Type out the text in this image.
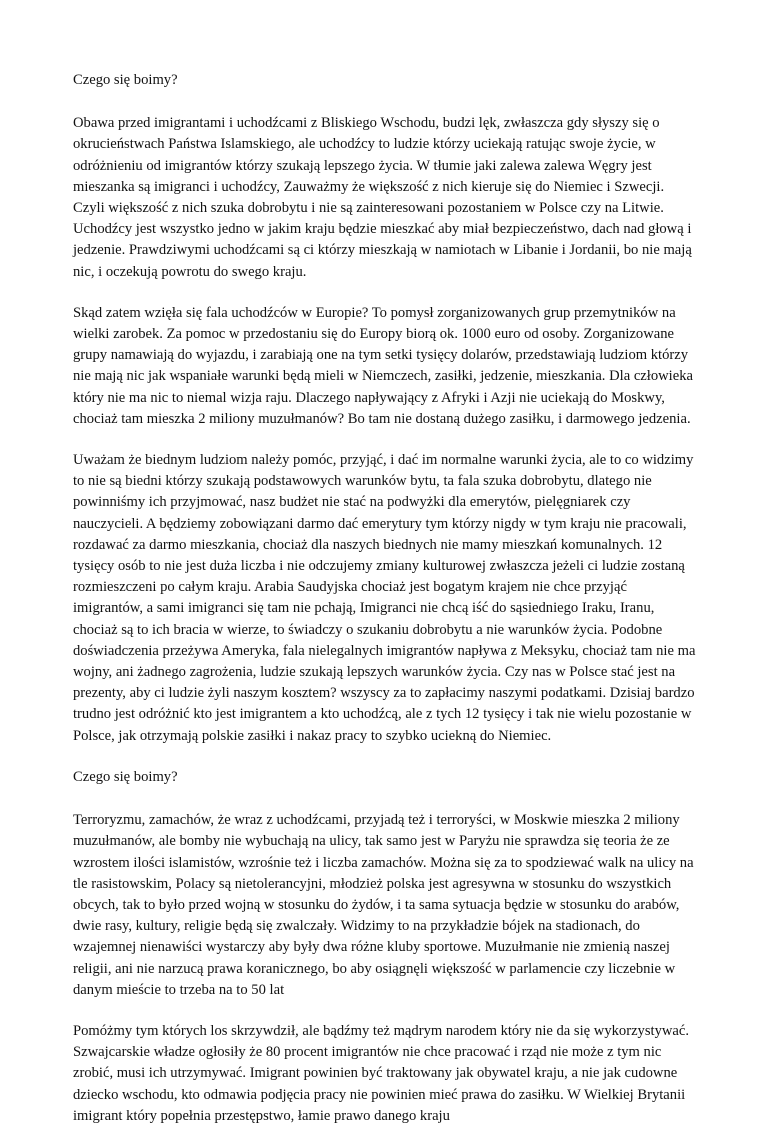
Czego się boimy?

Obawa przed imigrantami i uchodźcami z Bliskiego Wschodu, budzi lęk, zwłaszcza gdy słyszy się o okrucieństwach Państwa Islamskiego, ale uchodźcy to ludzie którzy uciekają ratując swoje życie, w odróżnieniu od imigrantów którzy szukają lepszego życia. W tłumie jaki zalewa zalewa Węgry jest mieszanka są imigranci i uchodźcy, Zauważmy że większość z nich kieruje się do Niemiec i Szwecji. Czyli większość z nich szuka dobrobytu i nie są zainteresowani pozostaniem w Polsce czy na Litwie. Uchodźcy jest wszystko jedno w jakim kraju będzie mieszkać aby miał bezpieczeństwo, dach nad głową i jedzenie. Prawdziwymi uchodźcami są ci którzy mieszkają w namiotach w Libanie i Jordanii, bo nie mają nic, i oczekują powrotu do swego kraju.

Skąd zatem wzięła się fala uchodźców w Europie? To pomysł zorganizowanych grup przemytników na wielki zarobek. Za pomoc w przedostaniu się do Europy biorą ok. 1000 euro od osoby. Zorganizowane grupy namawiają do wyjazdu, i zarabiają one na tym setki tysięcy dolarów, przedstawiają ludziom którzy nie mają nic jak wspaniałe warunki będą mieli w Niemczech, zasiłki, jedzenie, mieszkania. Dla człowieka który nie ma nic to niemal wizja raju. Dlaczego napływający z Afryki i Azji nie uciekają do Moskwy, chociaż tam mieszka 2 miliony muzułmanów? Bo tam nie dostaną dużego zasiłku, i darmowego jedzenia.

Uważam że biednym ludziom należy pomóc, przyjąć, i dać im normalne warunki życia, ale to co widzimy to nie są biedni którzy szukają podstawowych warunków bytu, ta fala szuka dobrobytu, dlatego nie powinniśmy ich przyjmować, nasz budżet nie stać na podwyżki dla emerytów, pielęgniarek czy nauczycieli. A będziemy zobowiązani darmo dać emerytury tym którzy nigdy w tym kraju nie pracowali, rozdawać za darmo mieszkania, chociaż dla naszych biednych nie mamy mieszkań komunalnych. 12 tysięcy osób to nie jest duża liczba i nie odczujemy zmiany kulturowej zwłaszcza jeżeli ci ludzie zostaną rozmieszczeni po całym kraju. Arabia Saudyjska chociaż jest bogatym krajem nie chce przyjąć imigrantów, a sami imigranci się tam nie pchają, Imigranci nie chcą iść do sąsiedniego Iraku, Iranu, chociaż są to ich bracia w wierze, to świadczy o szukaniu dobrobytu a nie warunków życia. Podobne doświadczenia przeżywa Ameryka, fala nielegalnych imigrantów napływa z Meksyku, chociaż tam nie ma wojny, ani żadnego zagrożenia, ludzie szukają lepszych warunków życia. Czy nas w Polsce stać jest na prezenty, aby ci ludzie żyli naszym kosztem? wszyscy za to zapłacimy naszymi podatkami. Dzisiaj bardzo trudno jest odróżnić kto jest imigrantem a kto uchodźcą, ale z tych 12 tysięcy i tak nie wielu pozostanie w Polsce, jak otrzymają polskie zasiłki i nakaz pracy to szybko uciekną do Niemiec.

Czego się boimy?

Terroryzmu, zamachów, że wraz z uchodźcami, przyjadą też i terroryści, w Moskwie mieszka 2 miliony muzułmanów, ale bomby nie wybuchają na ulicy, tak samo jest w Paryżu nie sprawdza się teoria że ze wzrostem ilości islamistów, wzrośnie też i liczba zamachów. Można się za to spodziewać walk na ulicy na tle rasistowskim, Polacy są nietolerancyjni, młodzież polska jest agresywna w stosunku do wszystkich obcych, tak to było przed wojną w stosunku do żydów, i ta sama sytuacja będzie w stosunku do arabów, dwie rasy, kultury, religie będą się zwalczały. Widzimy to na przykładzie bójek na stadionach, do wzajemnej nienawiści wystarczy aby były dwa różne kluby sportowe. Muzułmanie nie zmienią naszej religii, ani nie narzucą prawa koranicznego, bo aby osiągnęli większość w parlamencie czy liczebnie w danym mieście to trzeba na to 50 lat

Pomóżmy tym których los skrzywdził, ale bądźmy też mądrym narodem który nie da się wykorzystywać. Szwajcarskie władze ogłosiły że 80 procent imigrantów nie chce pracować i rząd nie może z tym nic zrobić, musi ich utrzymywać. Imigrant powinien być traktowany jak obywatel kraju, a nie jak cudowne dziecko wschodu, kto odmawia podjęcia pracy nie powinien mieć prawa do zasiłku. W Wielkiej Brytanii imigrant który popełnia przestępstwo, łamie prawo danego kraju
